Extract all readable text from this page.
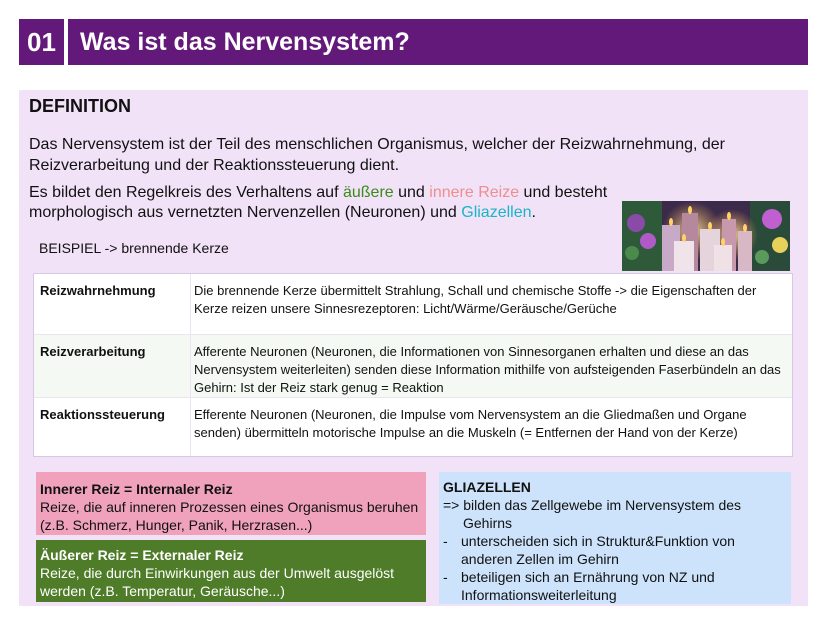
01 Was ist das Nervensystem?
DEFINITION
Das Nervensystem ist der Teil des menschlichen Organismus, welcher der Reizwahrnehmung, der Reizverarbeitung und der Reaktionssteuerung dient.
Es bildet den Regelkreis des Verhaltens auf äußere und innere Reize und besteht morphologisch aus vernetzten Nervenzellen (Neuronen) und Gliazellen.
BEISPIEL -> brennende Kerze
Reizwahrnehmung	Die brennende Kerze übermittelt Strahlung, Schall und chemische Stoffe -> die Eigenschaften der Kerze reizen unsere Sinnesrezeptoren: Licht/Wärme/Geräusche/Gerüche
Reizverarbeitung	Afferente Neuronen (Neuronen, die Informationen von Sinnesorganen erhalten und diese an das Nervensystem weiterleiten) senden diese Information mithilfe von aufsteigenden Faserbündeln an das Gehirn: Ist der Reiz stark genug = Reaktion
Reaktionssteuerung	Efferente Neuronen (Neuronen, die Impulse vom Nervensystem an die Gliedmaßen und Organe senden) übermitteln motorische Impulse an die Muskeln (= Entfernen der Hand von der Kerze)
Innerer Reiz = Internaler Reiz
Reize, die auf inneren Prozessen eines Organismus beruhen (z.B. Schmerz, Hunger, Panik, Herzrasen...)
Äußerer Reiz = Externaler Reiz
Reize, die durch Einwirkungen aus der Umwelt ausgelöst werden (z.B. Temperatur, Geräusche...)
GLIAZELLEN
=> bilden das Zellgewebe im Nervensystem des
Gehirns
- unterscheiden sich in Struktur&Funktion von anderen Zellen im Gehirn
- beteiligen sich an Ernährung von NZ und Informationsweiterleitung
